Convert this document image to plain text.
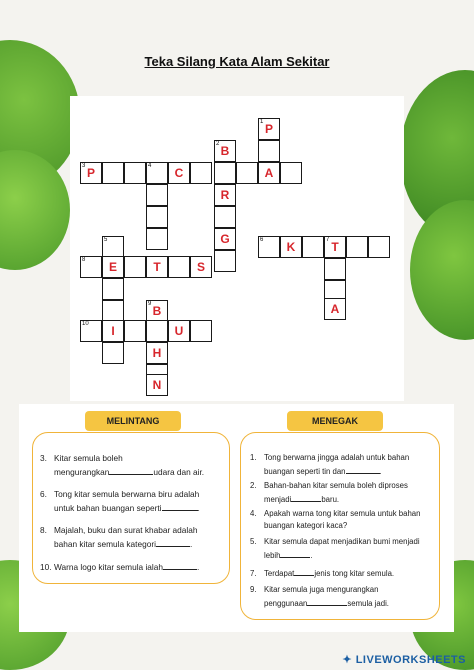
Teka Silang Kata Alam Sekitar
1 P
2 B
R
G
3 P	4 C	A
6 K	7 T
A
5
8 E	S
9 B
H
N
10 I	U
T
MELINTANG	MENEGAK
3. Kitar semula boleh
mengurangkan	udara dan air.
6. Tong kitar semula berwarna biru adalah
untuk bahan buangan seperti	.
8. Majalah, buku dan surat khabar adalah
bahan kitar semula kategori	.
10. Warna logo kitar semula ialah	.
1. Tong berwarna jingga adalah untuk bahan
buangan seperti tin dan	.
2. Bahan-bahan kitar semula boleh diproses
menjadi	baru.
4. Apakah warna tong kitar semula untuk bahan
buangan kategori kaca?
5. Kitar semula dapat menjadikan bumi menjadi
lebih	.
7. Terdapat	jenis tong kitar semula.
9. Kitar semula juga mengurangkan
penggunaan	semula jadi.
✦ LIVEWORKSHEETS
